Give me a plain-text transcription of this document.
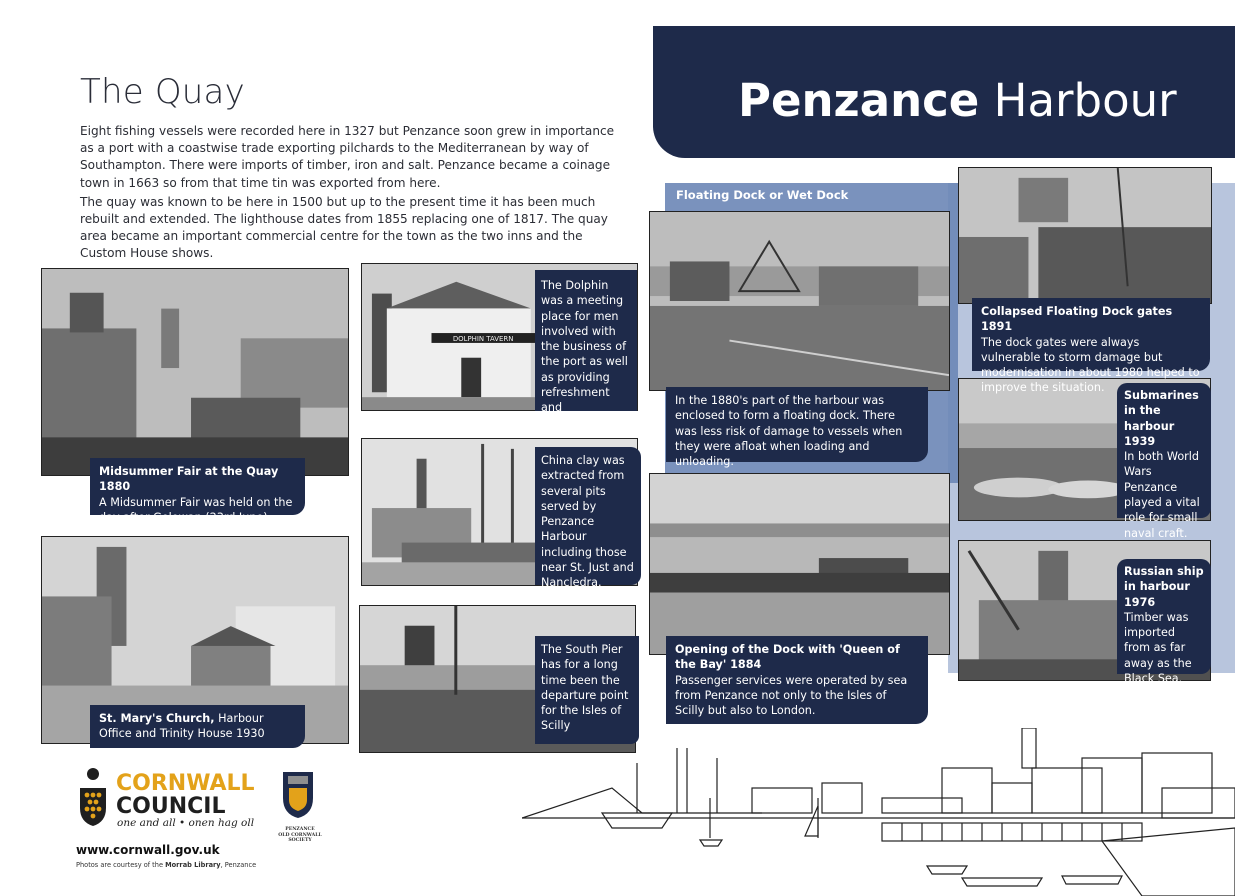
The Quay

Eight fishing vessels were recorded here in 1327 but Penzance soon grew in importance as a port with a coastwise trade exporting pilchards to the Mediterranean by way of Southampton. There were imports of timber, iron and salt. Penzance became a coinage town in 1663 so from that time tin was exported from here.

The quay was known to be here in 1500 but up to the present time it has been much rebuilt and extended. The lighthouse dates from 1855 replacing one of 1817. The quay area became an important commercial centre for the town as the two inns and the Custom House shows.

Penzance Harbour
Floating Dock or Wet Dock
DOLPHIN TAVERN
Midsummer Fair at the Quay 1880
A Midsummer Fair was held on the day after Golowan (23rd June)
The Dolphin was a meeting place for men involved with the business of the port as well as providing refreshment and accommodation.
China clay was extracted from several pits served by Penzance Harbour including those near St. Just and Nancledra.
St. Mary's Church, Harbour Office and Trinity House 1930
The South Pier has for a long time been the departure point for the Isles of Scilly
In the 1880's part of the harbour was enclosed to form a floating dock. There was less risk of damage to vessels when they were afloat when loading and unloading.
Opening of the Dock with 'Queen of the Bay' 1884
Passenger services were operated by sea from Penzance not only to the Isles of Scilly but also to London.
Collapsed Floating Dock gates 1891
The dock gates were always vulnerable to storm damage but modernisation in about 1980 helped to improve the situation.
Submarines in the harbour 1939
In both World Wars Penzance played a vital role for small naval craft.
Russian ship in harbour 1976
Timber was imported from as far away as the Black Sea.
CORNWALL
COUNCIL
one and all • onen hag oll
PENZANCE
OLD CORNWALL SOCIETY
www.cornwall.gov.uk
Photos are courtesy of the Morrab Library, Penzance
